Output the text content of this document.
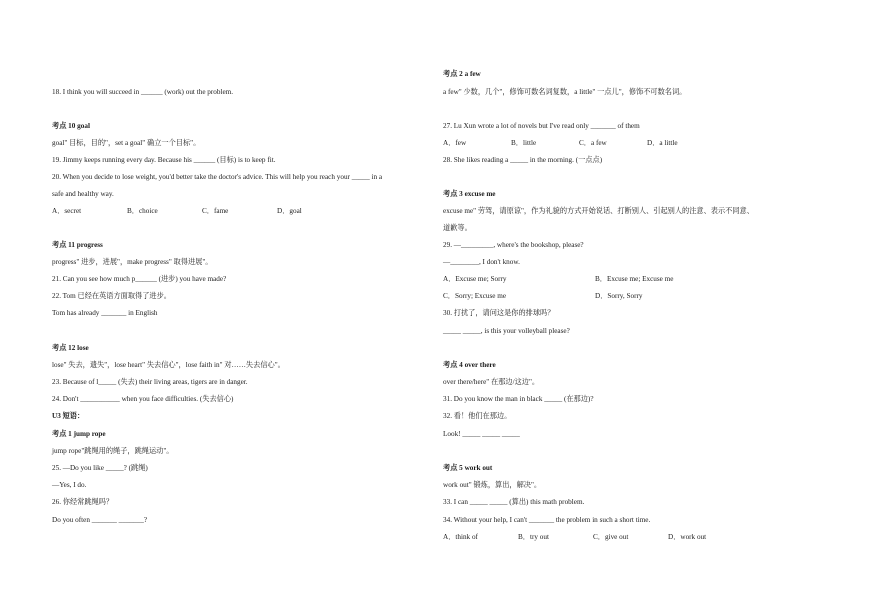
18. I think you will succeed in ______ (work) out the problem.
考点 10 goal
goal" 目标，目的"，set a goal" 确立一个目标"。
19. Jimmy keeps running every day. Because his ______ (目标) is to keep fit.
20. When you decide to lose weight, you'd better take the doctor's advice. This will help you reach your _____ in a
safe and healthy way.
A．secret	B．choice	C．fame	D．goal
考点 11 progress
progress" 进步，进展"，make progress" 取得进展"。
21. Can you see how much p______ (进步) you have made?
22. Tom 已经在英语方面取得了进步。
Tom has already _______ in English
考点 12 lose
lose" 失去，遗失"，lose heart" 失去信心"，lose faith in" 对……失去信心"。
23. Because of l_____ (失去) their living areas, tigers are in danger.
24. Don't ___________ when you face difficulties. (失去信心)
U3 短语：
考点 1 jump rope
jump rope"跳绳用的绳子，跳绳运动"。
25. —Do you like _____? (跳绳)
—Yes, I do.
26. 你经常跳绳吗？
Do you often _______ _______?
考点 2 a few
a few" 少数，几个"，修饰可数名词复数，a little" 一点儿"，修饰不可数名词。
27. Lu Xun wrote a lot of novels but I've read only _______ of them
A．few	B．little	C．a few	D．a little
28. She likes reading a _____ in the morning. (一点点)
考点 3 excuse me
excuse me" 劳驾，请原谅"，作为礼貌的方式开始说话、打断别人、引起别人的注意、表示不同意、
道歉等。
29. —_________, where's the bookshop, please?
—________, I don't know.
A．Excuse me; Sorry	B．Excuse me; Excuse me
C．Sorry; Excuse me	D．Sorry, Sorry
30. 打扰了，请问这是你的排球吗？
_____ _____, is this your volleyball please?
考点 4 over there
over there/here" 在那边/这边"。
31. Do you know the man in black _____ (在那边)?
32. 看！他们在那边。
Look! _____ _____ _____
考点 5 work out
work out" 锻炼，算出，解决"。
33. I can _____ _____ (算出) this math problem.
34. Without your help, I can't _______ the problem in such a short time.
A．think of	B．try out	C．give out	D．work out
